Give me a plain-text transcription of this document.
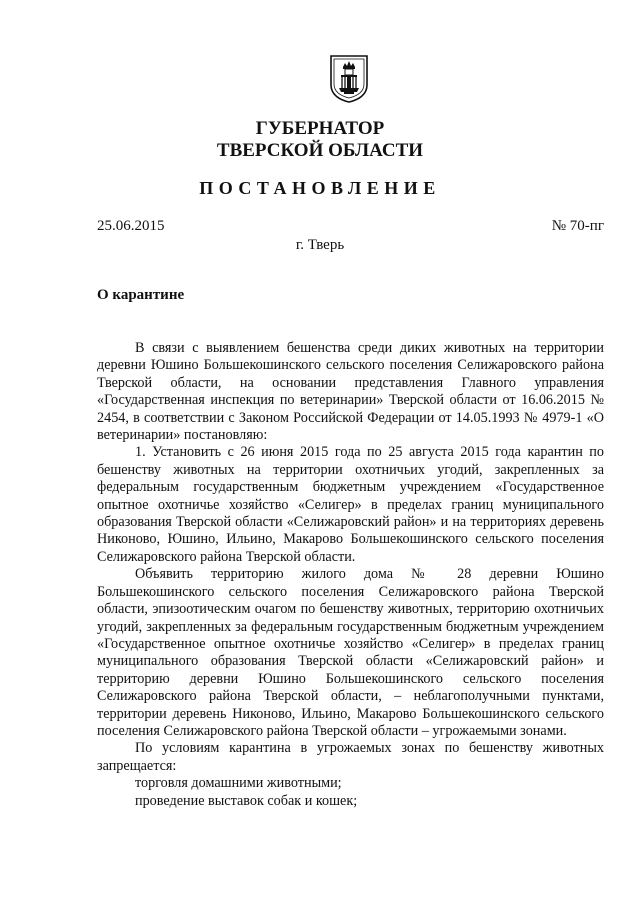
ГУБЕРНАТОР
ТВЕРСКОЙ ОБЛАСТИ
ПОСТАНОВЛЕНИЕ
25.06.2015	№ 70-пг
г. Тверь
О карантине

В связи с выявлением бешенства среди диких животных на территории деревни Юшино Большекошинского сельского поселения Селижаровского района Тверской области, на основании представления Главного управления «Государственная инспекция по ветеринарии» Тверской области от 16.06.2015 № 2454, в соответствии с Законом Российской Федерации от 14.05.1993 № 4979-1 «О ветеринарии» постановляю:

1. Установить с 26 июня 2015 года по 25 августа 2015 года карантин по бешенству животных на территории охотничьих угодий, закрепленных за федеральным государственным бюджетным учреждением «Государственное опытное охотничье хозяйство «Селигер» в пределах границ муниципального образования Тверской области «Селижаровский район» и на территориях деревень Никоново, Юшино, Ильино, Макарово Большекошинского сельского поселения Селижаровского района Тверской области.

Объявить территорию жилого дома № 28 деревни Юшино Большекошинского сельского поселения Селижаровского района Тверской области, эпизоотическим очагом по бешенству животных, территорию охотничьих угодий, закрепленных за федеральным государственным бюджетным учреждением «Государственное опытное охотничье хозяйство «Селигер» в пределах границ муниципального образования Тверской области «Селижаровский район» и территорию деревни Юшино Большекошинского сельского поселения Селижаровского района Тверской области, – неблагополучными пунктами, территории деревень Никоново, Ильино, Макарово Большекошинского сельского поселения Селижаровского района Тверской области – угрожаемыми зонами.

По условиям карантина в угрожаемых зонах по бешенству животных запрещается:

торговля домашними животными;

проведение выставок собак и кошек;
